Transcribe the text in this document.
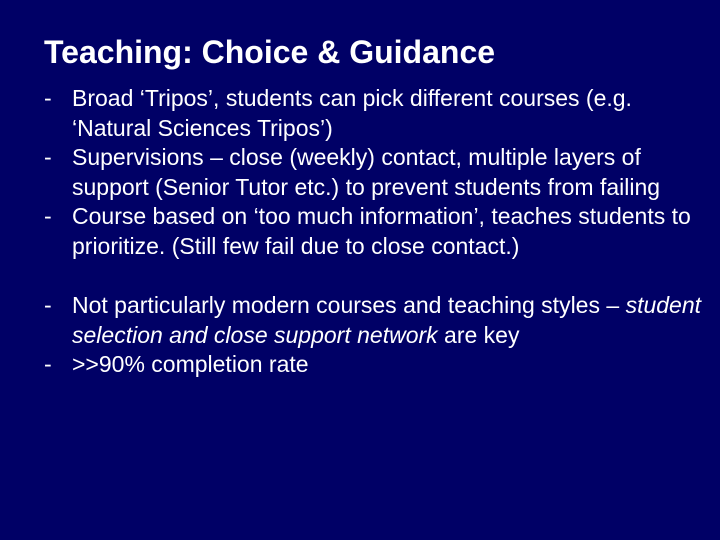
Teaching: Choice & Guidance
- Broad ‘Tripos’, students can pick different courses (e.g. ‘Natural Sciences Tripos’)
- Supervisions – close (weekly) contact, multiple layers of support (Senior Tutor etc.) to prevent students from failing
- Course based on ‘too much information’, teaches students to prioritize. (Still few fail due to close contact.)
- Not particularly modern courses and teaching styles – student selection and close support network are key
- >>90% completion rate
